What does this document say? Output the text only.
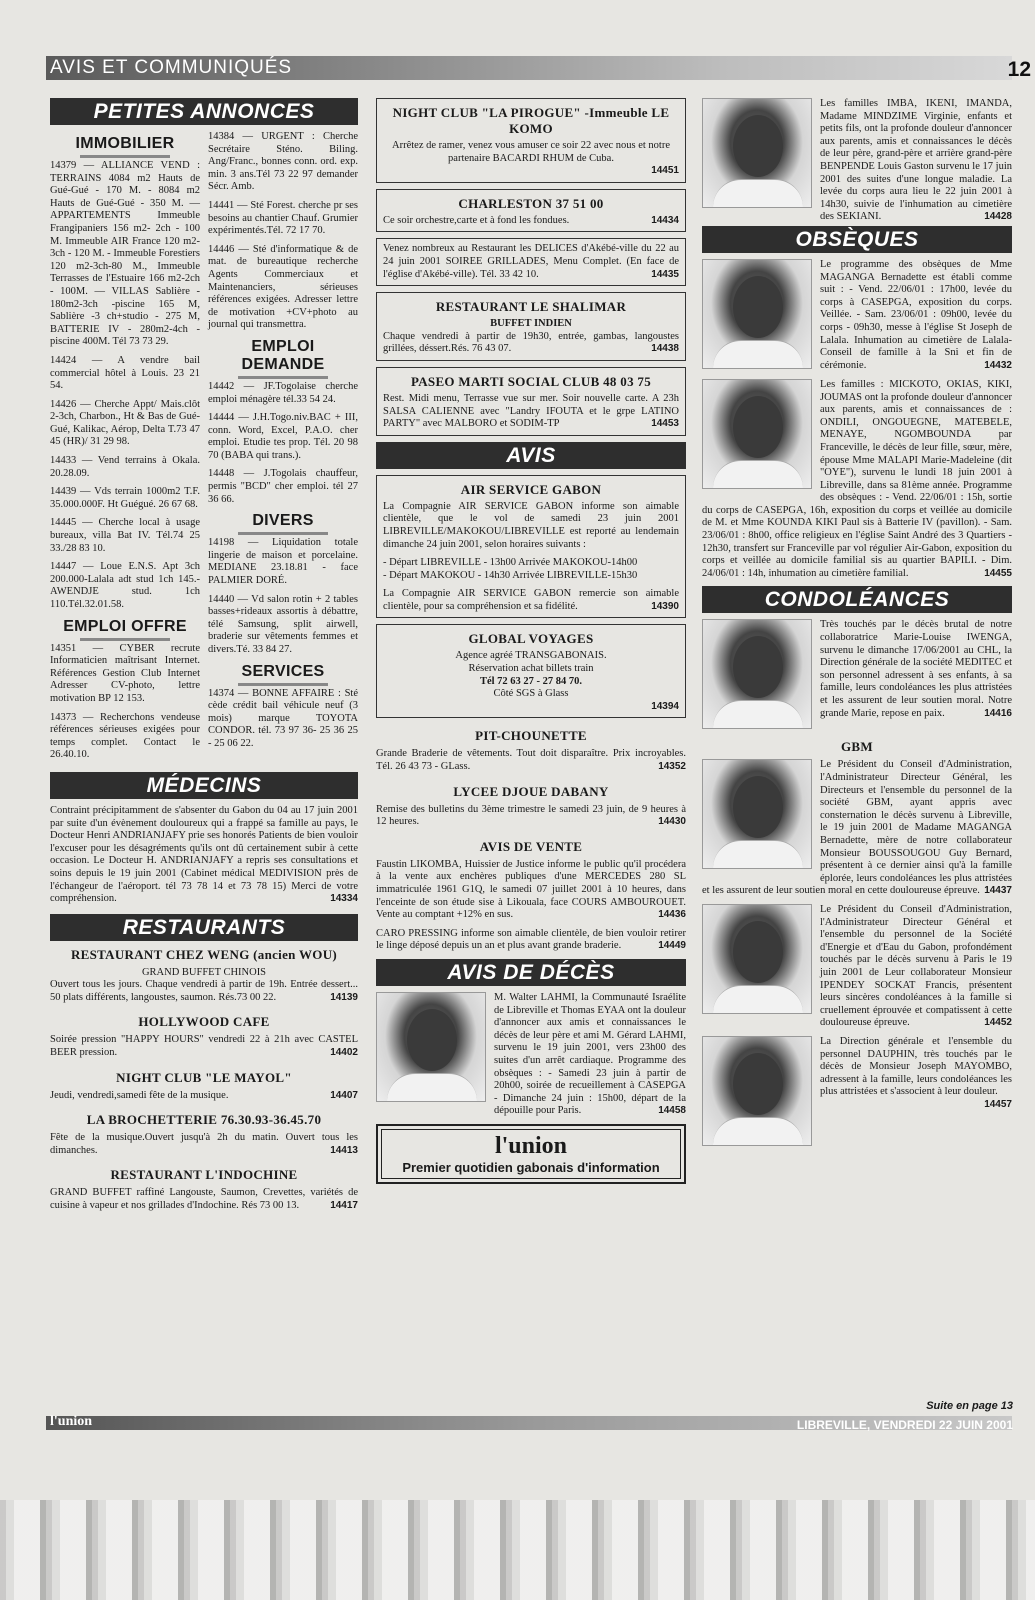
AVIS ET COMMUNIQUÉS	12
PETITES ANNONCES
IMMOBILIER

14379 — ALLIANCE VEND : TERRAINS 4084 m2 Hauts de Gué-Gué - 170 M. - 8084 m2 Hauts de Gué-Gué - 350 M. — APPARTEMENTS Immeuble Frangipaniers 156 m2- 2ch - 100 M. Immeuble AIR France 120 m2-3ch - 120 M. - Immeuble Forestiers 120 m2-3ch-80 M., Immeuble Terrasses de l'Estuaire 166 m2-2ch - 100M. — VILLAS Sablière - 180m2-3ch -piscine 165 M, Sablière -3 ch+studio - 275 M, BATTERIE IV - 280m2-4ch - piscine 400M. Tél 73 73 29.

14424 — A vendre bail commercial hôtel à Louis. 23 21 54.

14426 — Cherche Appt/ Mais.clôt 2-3ch, Charbon., Ht & Bas de Gué-Gué, Kalikac, Aérop, Delta T.73 47 45 (HR)/ 31 29 98.

14433 — Vend terrains à Okala. 20.28.09.

14439 — Vds terrain 1000m2 T.F. 35.000.000F. Ht Guégué. 26 67 68.

14445 — Cherche local à usage bureaux, villa Bat IV. Tél.74 25 33./28 83 10.

14447 — Loue E.N.S. Apt 3ch 200.000-Lalala adt stud 1ch 145.- AWENDJE stud. 1ch 110.Tél.32.01.58.

EMPLOI OFFRE

14351 — CYBER recrute Informaticien maîtrisant Internet. Références Gestion Club Internet Adresser CV-photo, lettre motivation BP 12 153.

14373 — Recherchons vendeuse références sérieuses exigées pour temps complet. Contact le 26.40.10.

14384 — URGENT : Cherche Secrétaire Sténo. Biling. Ang/Franc., bonnes conn. ord. exp. min. 3 ans.Tél 73 22 97 demander Sécr. Amb.

14441 — Sté Forest. cherche pr ses besoins au chantier Chauf. Grumier expérimentés.Tél. 72 17 70.

14446 — Sté d'informatique & de mat. de bureautique recherche Agents Commerciaux et Maintenanciers, sérieuses références exigées. Adresser lettre de motivation +CV+photo au journal qui transmettra.

EMPLOI DEMANDE

14442 — JF.Togolaise cherche emploi ménagère tél.33 54 24.

14444 — J.H.Togo.niv.BAC + III, conn. Word, Excel, P.A.O. cher emploi. Etudie tes prop. Tél. 20 98 70 (BABA qui trans.).

14448 — J.Togolais chauffeur, permis "BCD" cher emploi. tél 27 36 66.

DIVERS

14198 — Liquidation totale lingerie de maison et porcelaine. MEDIANE 23.18.81 - face PALMIER DORÉ.

14440 — Vd salon rotin + 2 tables basses+rideaux assortis à débattre, télé Samsung, split airwell, braderie sur vêtements femmes et divers.Té. 33 84 27.

SERVICES

14374 — BONNE AFFAIRE : Sté cède crédit bail véhicule neuf (3 mois) marque TOYOTA CONDOR. tél. 73 97 36- 25 36 25 - 25 06 22.

MÉDECINS

Contraint précipitamment de s'absenter du Gabon du 04 au 17 juin 2001 par suite d'un évènement douloureux qui a frappé sa famille au pays, le Docteur Henri ANDRIANJAFY prie ses honorés Patients de bien vouloir l'excuser pour les désagréments qu'ils ont dû certainement subir à cette occasion. Le Docteur H. ANDRIANJAFY a repris ses consultations et soins depuis le 19 juin 2001 (Cabinet médical MEDIVISION près de l'échangeur de l'aéroport. tél 73 78 14 et 73 78 15) Merci de votre compréhension.	14334

RESTAURANTS
RESTAURANT CHEZ WENG (ancien WOU)
GRAND BUFFET CHINOIS

Ouvert tous les jours. Chaque vendredi à partir de 19h. Entrée dessert... 50 plats différents, langoustes, saumon. Rés.73 00 22.	14139

HOLLYWOOD CAFE

Soirée pression "HAPPY HOURS" vendredi 22 à 21h avec CASTEL BEER pression.	14402

NIGHT CLUB "LE MAYOL"

Jeudi, vendredi,samedi fête de la musique.	14407

LA BROCHETTERIE 76.30.93-36.45.70

Fête de la musique.Ouvert jusqu'à 2h du matin. Ouvert tous les dimanches.	14413

RESTAURANT L'INDOCHINE

GRAND BUFFET raffiné Langouste, Saumon, Crevettes, variétés de cuisine à vapeur et nos grillades d'Indochine. Rés 73 00 13.	14417

NIGHT CLUB "LA PIROGUE" -Immeuble LE KOMO

Arrêtez de ramer, venez vous amuser ce soir 22 avec nous et notre partenaire BACARDI RHUM de Cuba.

14451

CHARLESTON 37 51 00

Ce soir orchestre,carte et à fond les fondues.	14434

Venez nombreux au Restaurant les DELICES d'Akébé-ville du 22 au 24 juin 2001 SOIREE GRILLADES, Menu Complet. (En face de l'église d'Akébé-ville). Tél. 33 42 10.	14435

RESTAURANT LE SHALIMAR
BUFFET INDIEN

Chaque vendredi à partir de 19h30, entrée, gambas, langoustes grillées, déssert.Rés. 76 43 07.	14438

PASEO MARTI SOCIAL CLUB 48 03 75

Rest. Midi menu, Terrasse vue sur mer. Soir nouvelle carte. A 23h SALSA CALIENNE avec "Landry IFOUTA et le grpe LATINO PARTY" avec MALBORO et SODIM-TP	14453

AVIS
AIR SERVICE GABON

La Compagnie AIR SERVICE GABON informe son aimable clientèle, que le vol de samedi 23 juin 2001 LIBREVILLE/MAKOKOU/LIBREVILLE est reporté au lendemain dimanche 24 juin 2001, selon horaires suivants :

- Départ LIBREVILLE - 13h00 Arrivée MAKOKOU-14h00

- Départ MAKOKOU - 14h30 Arrivée LIBREVILLE-15h30

La Compagnie AIR SERVICE GABON remercie son aimable clientèle, pour sa compréhension et sa fidélité.	14390

GLOBAL VOYAGES

Agence agréé TRANSGABONAIS.

Réservation achat billets train

Tél 72 63 27 - 27 84 70.

Côté SGS à Glass

14394

PIT-CHOUNETTE

Grande Braderie de vêtements. Tout doit disparaître. Prix incroyables. Tél. 26 43 73 - GLass.	14352

LYCEE DJOUE DABANY

Remise des bulletins du 3ème trimestre le samedi 23 juin, de 9 heures à 12 heures.	14430

AVIS DE VENTE

Faustin LIKOMBA, Huissier de Justice informe le public qu'il procédera à la vente aux enchères publiques d'une MERCEDES 280 SL immatriculée 1961 G1Q, le samedi 07 juillet 2001 à 10 heures, dans l'enceinte de son étude sise à Likouala, face COURS AMBOUROUET. Vente au comptant +12% en sus.	14436

CARO PRESSING informe son aimable clientèle, de bien vouloir retirer le linge déposé depuis un an et plus avant grande braderie.	14449

AVIS DE DÉCÈS

M. Walter LAHMI, la Communauté Israélite de Libreville et Thomas EYAA ont la douleur d'annoncer aux amis et connaissances le décès de leur père et ami M. Gérard LAHMI, survenu le 19 juin 2001, vers 23h00 des suites d'un arrêt cardiaque. Programme des obsèques : - Samedi 23 juin à partir de 20h00, soirée de recueillement à CASEPGA - Dimanche 24 juin : 15h00, départ de la dépouille pour Paris.	14458

l'union
Premier quotidien gabonais d'information

Les familles IMBA, IKENI, IMANDA, Madame MINDZIME Virginie, enfants et petits fils, ont la profonde douleur d'annoncer aux parents, amis et connaissances le décès de leur père, grand-père et arrière grand-père BENPENDE Louis Gaston survenu le 17 juin 2001 des suites d'une longue maladie. La levée du corps aura lieu le 22 juin 2001 à 14h30, suivie de l'inhumation au cimetière des SEKIANI.	14428

OBSÈQUES

Le programme des obsèques de Mme MAGANGA Bernadette est établi comme suit : - Vend. 22/06/01 : 17h00, levée du corps à CASEPGA, exposition du corps. Veillée. - Sam. 23/06/01 : 09h00, levée du corps - 09h30, messe à l'église St Joseph de Lalala. Inhumation au cimetière de Lalala- Conseil de famille à la Sni et fin de cérémonie.	14432

Les familles : MICKOTO, OKIAS, KIKI, JOUMAS ont la profonde douleur d'annoncer aux parents, amis et connaissances de : ONDILI, ONGOUEGNE, MATEBELE, MENAYE, NGOMBOUNDA par Franceville, le décès de leur fille, sœur, mère, épouse Mme MALAPI Marie-Madeleine (dit "OYE"), survenu le lundi 18 juin 2001 à Libreville, dans sa 81ème année. Programme des obsèques : - Vend. 22/06/01 : 15h, sortie du corps de CASEPGA, 16h, exposition du corps et veillée au domicile de M. et Mme KOUNDA KIKI Paul sis à Batterie IV (pavillon). - Sam. 23/06/01 : 8h00, office religieux en l'église Saint André des 3 Quartiers - 12h30, transfert sur Franceville par vol régulier Air-Gabon, exposition du corps et veillée au domicile familial sis au quartier BAPILI. - Dim. 24/06/01 : 14h, inhumation au cimetière familial.	14455

CONDOLÉANCES

Très touchés par le décès brutal de notre collaboratrice Marie-Louise IWENGA, survenu le dimanche 17/06/2001 au CHL, la Direction générale de la société MEDITEC et son personnel adressent à ses enfants, à sa famille, leurs condoléances les plus attristées et les assurent de leur soutien moral. Notre grande Marie, repose en paix.	14416

GBM

Le Président du Conseil d'Administration, l'Administrateur Directeur Général, les Directeurs et l'ensemble du personnel de la société GBM, ayant appris avec consternation le décès survenu à Libreville, le 19 juin 2001 de Madame MAGANGA Bernadette, mère de notre collaborateur Monsieur BOUSSOUGOU Guy Bernard, présentent à ce dernier ainsi qu'à la famille éplorée, leurs condoléances les plus attristées et les assurent de leur soutien moral en cette douloureuse épreuve. 14437

Le Président du Conseil d'Administration, l'Administrateur Directeur Général et l'ensemble du personnel de la Société d'Energie et d'Eau du Gabon, profondément touchés par le décès survenu à Paris le 19 juin 2001 de Leur collaborateur Monsieur IPENDEY SOCKAT Francis, présentent leurs sincères condoléances à la famille si cruellement éprouvée et compatissent à cette douloureuse épreuve.	14452

La Direction générale et l'ensemble du personnel DAUPHIN, très touchés par le décès de Monsieur Joseph MAYOMBO, adressent à la famille, leurs condoléances les plus attristées et s'associent à leur douleur.
14457

Suite en page 13
l'union	LIBREVILLE, VENDREDI 22 JUIN 2001
